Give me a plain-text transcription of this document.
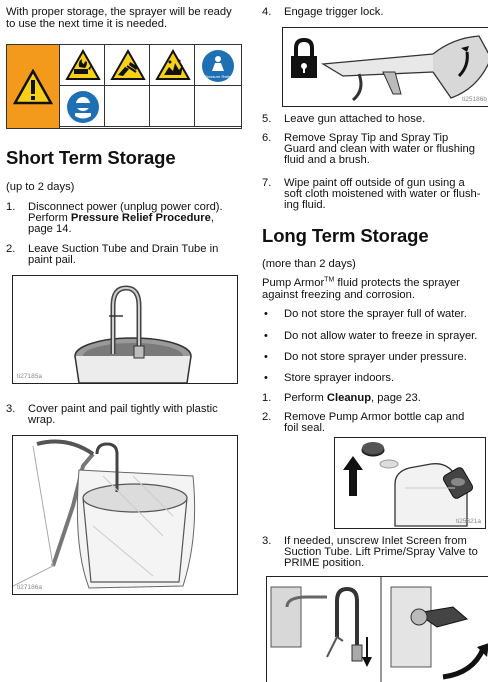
With proper storage, the sprayer will be ready

to use the next time it is needed.

Pressure Relief
Short Term Storage

(up to 2 days)

1. Disconnect power (unplug power cord).
Perform Pressure Relief Procedure,
page 14.
2. Leave Suction Tube and Drain Tube in
paint pail.
ti27185a
3. Cover paint and pail tightly with plastic
wrap.
ti27186a
4. Engage trigger lock.
ti25186b
5. Leave gun attached to hose.
6. Remove Spray Tip and Spray Tip
Guard and clean with water or flushing
fluid and a brush.
7. Wipe paint off outside of gun using a
soft cloth moistened with water or flush-
ing fluid.
Long Term Storage

(more than 2 days)

Pump Armor™ fluid protects the sprayer

against freezing and corrosion.

• Do not store the sprayer full of water.
• Do not allow water to freeze in sprayer.
• Do not store sprayer under pressure.
• Store sprayer indoors.
1. Perform Cleanup, page 23.
2. Remove Pump Armor bottle cap and
foil seal.
ti25321a
3. If needed, unscrew Inlet Screen from
Suction Tube. Lift Prime/Spray Valve to
PRIME position.
